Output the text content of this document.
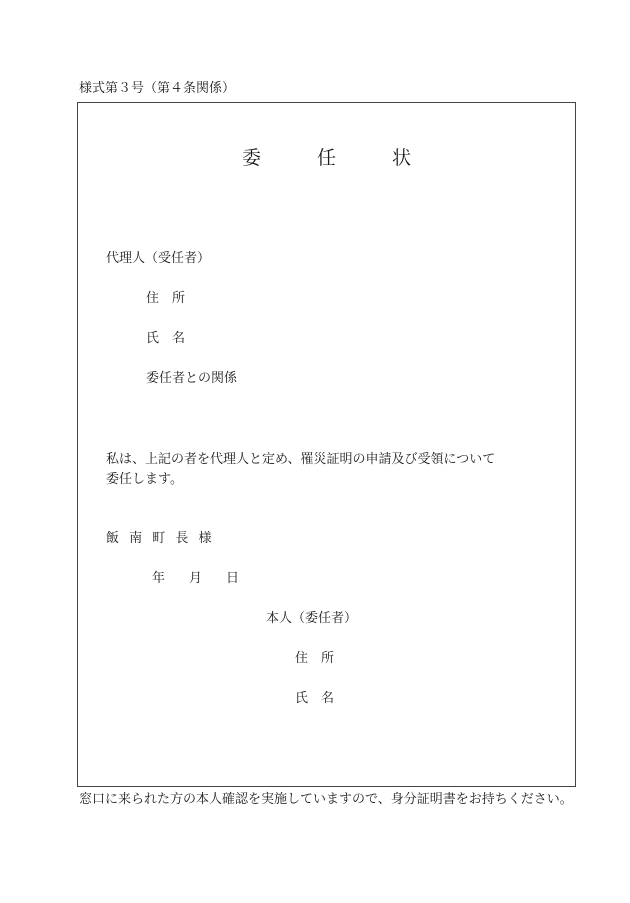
様式第３号（第４条関係）
委	任	状
代理人（受任者）
住 所
氏 名
委任者との関係
私は、上記の者を代理人と定め、罹災証明の申請及び受領について
委任します。
飯 南 町 長 様
年 月 日
本人（委任者）
住 所
氏 名
窓口に来られた方の本人確認を実施していますので、身分証明書をお持ちください。
